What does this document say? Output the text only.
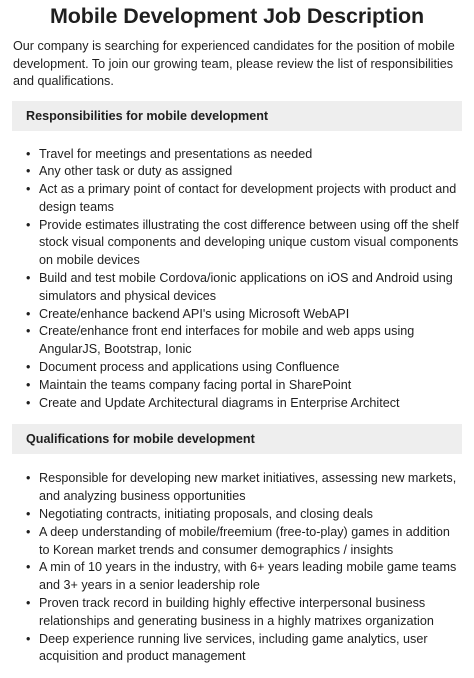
Mobile Development Job Description

Our company is searching for experienced candidates for the position of mobile development. To join our growing team, please review the list of responsibilities and qualifications.

Responsibilities for mobile development
• Travel for meetings and presentations as needed
• Any other task or duty as assigned
• Act as a primary point of contact for development projects with product and design teams
• Provide estimates illustrating the cost difference between using off the shelf stock visual components and developing unique custom visual components on mobile devices
• Build and test mobile Cordova/ionic applications on iOS and Android using simulators and physical devices
• Create/enhance backend API's using Microsoft WebAPI
• Create/enhance front end interfaces for mobile and web apps using AngularJS, Bootstrap, Ionic
• Document process and applications using Confluence
• Maintain the teams company facing portal in SharePoint
• Create and Update Architectural diagrams in Enterprise Architect
Qualifications for mobile development
• Responsible for developing new market initiatives, assessing new markets, and analyzing business opportunities
• Negotiating contracts, initiating proposals, and closing deals
• A deep understanding of mobile/freemium (free-to-play) games in addition to Korean market trends and consumer demographics / insights
• A min of 10 years in the industry, with 6+ years leading mobile game teams and 3+ years in a senior leadership role
• Proven track record in building highly effective interpersonal business relationships and generating business in a highly matrixes organization
• Deep experience running live services, including game analytics, user acquisition and product management
